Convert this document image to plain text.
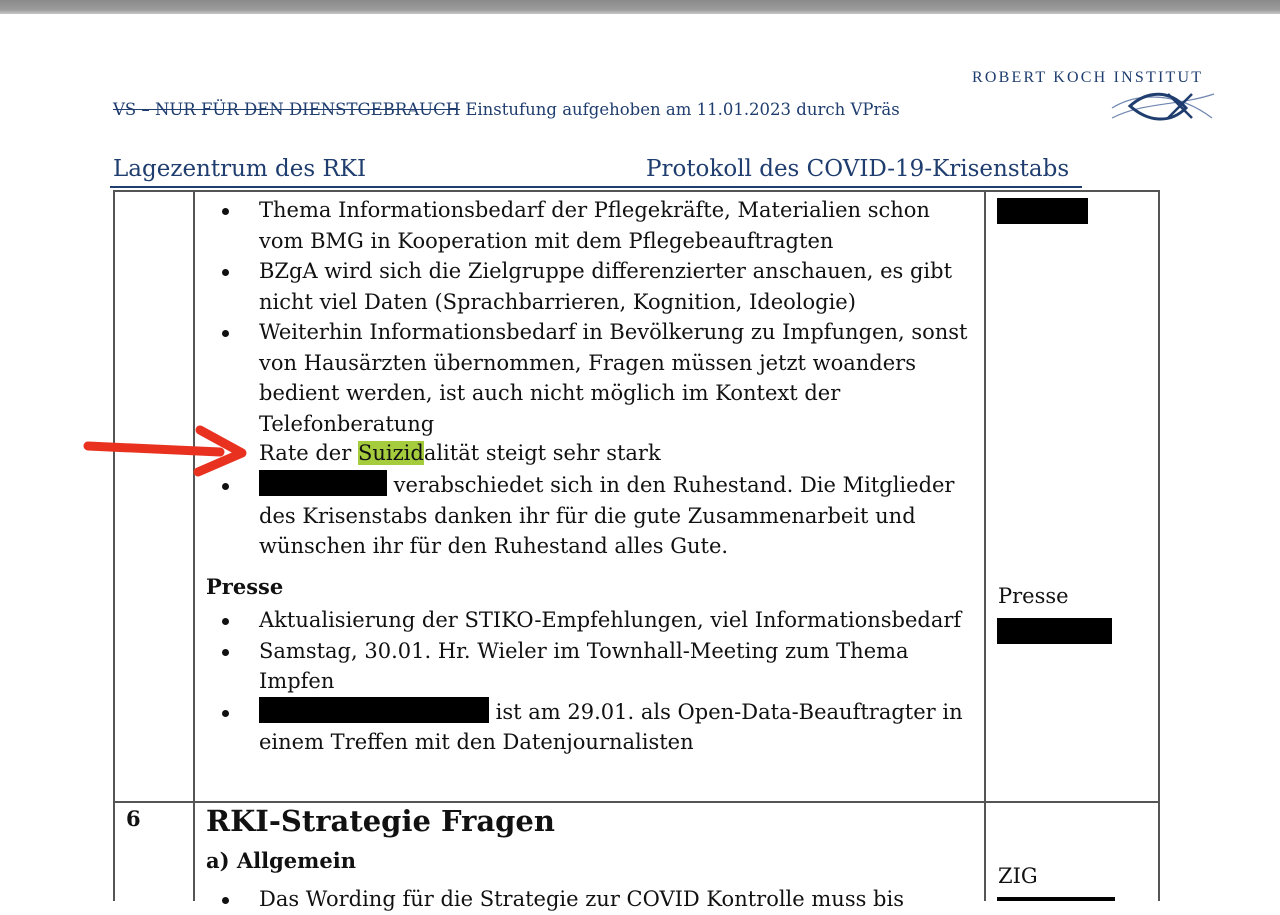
ROBERT KOCH INSTITUT
VS – NUR FÜR DEN DIENSTGEBRAUCH Einstufung aufgehoben am 11.01.2023 durch VPräs
Lagezentrum des RKI	Protokoll des COVID-19-Krisenstabs
Thema Informationsbedarf der Pflegekräfte, Materialien schon vom BMG in Kooperation mit dem Pflegebeauftragten
BZgA wird sich die Zielgruppe differenzierter anschauen, es gibt nicht viel Daten (Sprachbarrieren, Kognition, Ideologie)
Weiterhin Informationsbedarf in Bevölkerung zu Impfungen, sonst von Hausärzten übernommen, Fragen müssen jetzt woanders bedient werden, ist auch nicht möglich im Kontext der Telefonberatung
Rate der Suizidalität steigt sehr stark
verabschiedet sich in den Ruhestand. Die Mitglieder des Krisenstabs danken ihr für die gute Zusammenarbeit und wünschen ihr für den Ruhestand alles Gute.
Presse
Aktualisierung der STIKO-Empfehlungen, viel Informationsbedarf
Samstag, 30.01. Hr. Wieler im Townhall-Meeting zum Thema Impfen
ist am 29.01. als Open-Data-Beauftragter in einem Treffen mit den Datenjournalisten
6 RKI-Strategie Fragen
a) Allgemein
Das Wording für die Strategie zur COVID Kontrolle muss bis
Presse
ZIG
